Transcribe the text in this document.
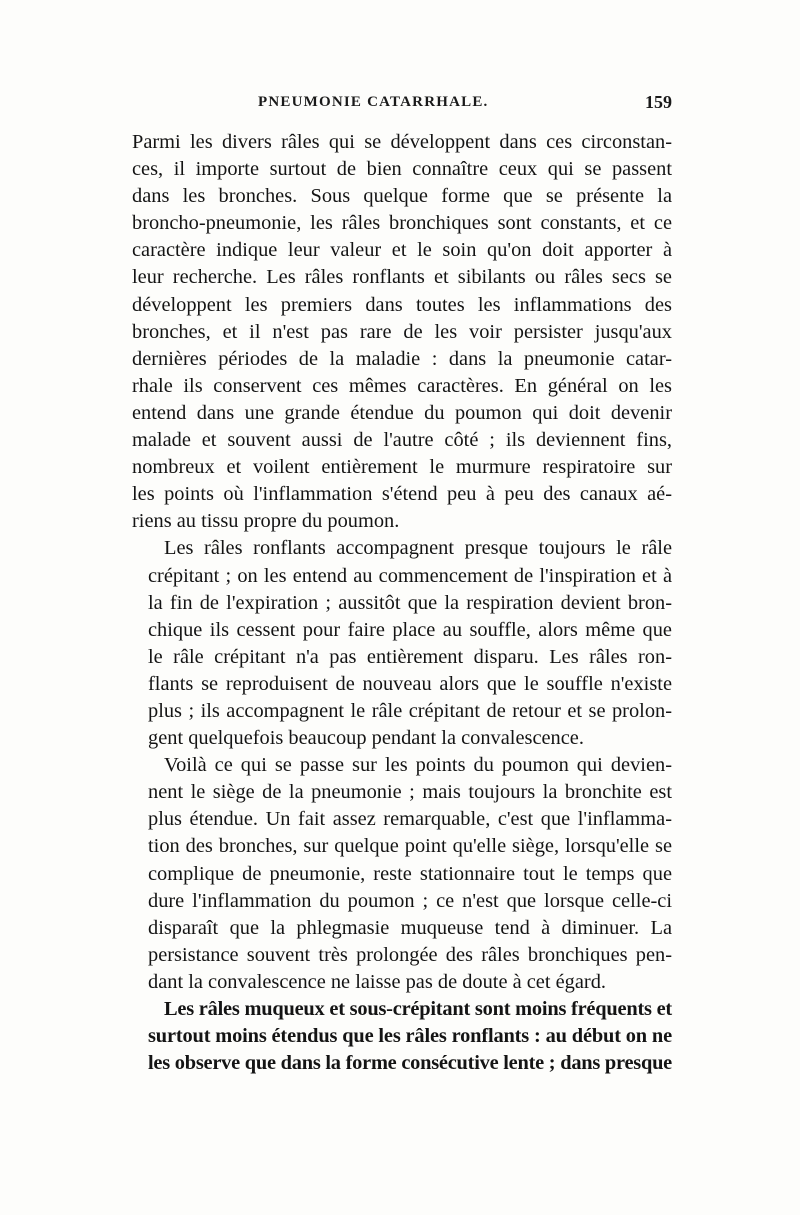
PNEUMONIE CATARRHALE.	159
Parmi les divers râles qui se développent dans ces circonstan-
ces, il importe surtout de bien connaître ceux qui se passent
dans les bronches. Sous quelque forme que se présente la
broncho-pneumonie, les râles bronchiques sont constants, et ce
caractère indique leur valeur et le soin qu'on doit apporter à
leur recherche. Les râles ronflants et sibilants ou râles secs se
développent les premiers dans toutes les inflammations des
bronches, et il n'est pas rare de les voir persister jusqu'aux
dernières périodes de la maladie : dans la pneumonie catar-
rhale ils conservent ces mêmes caractères. En général on les
entend dans une grande étendue du poumon qui doit devenir
malade et souvent aussi de l'autre côté ; ils deviennent fins,
nombreux et voilent entièrement le murmure respiratoire sur
les points où l'inflammation s'étend peu à peu des canaux aé-
riens au tissu propre du poumon.
Les râles ronflants accompagnent presque toujours le râle
crépitant ; on les entend au commencement de l'inspiration et à
la fin de l'expiration ; aussitôt que la respiration devient bron-
chique ils cessent pour faire place au souffle, alors même que
le râle crépitant n'a pas entièrement disparu. Les râles ron-
flants se reproduisent de nouveau alors que le souffle n'existe
plus ; ils accompagnent le râle crépitant de retour et se prolon-
gent quelquefois beaucoup pendant la convalescence.
Voilà ce qui se passe sur les points du poumon qui devien-
nent le siège de la pneumonie ; mais toujours la bronchite est
plus étendue. Un fait assez remarquable, c'est que l'inflamma-
tion des bronches, sur quelque point qu'elle siège, lorsqu'elle se
complique de pneumonie, reste stationnaire tout le temps que
dure l'inflammation du poumon ; ce n'est que lorsque celle-ci
disparaît que la phlegmasie muqueuse tend à diminuer. La
persistance souvent très prolongée des râles bronchiques pen-
dant la convalescence ne laisse pas de doute à cet égard.
Les râles muqueux et sous-crépitant sont moins fréquents et
surtout moins étendus que les râles ronflants : au début on ne
les observe que dans la forme consécutive lente ; dans presque
